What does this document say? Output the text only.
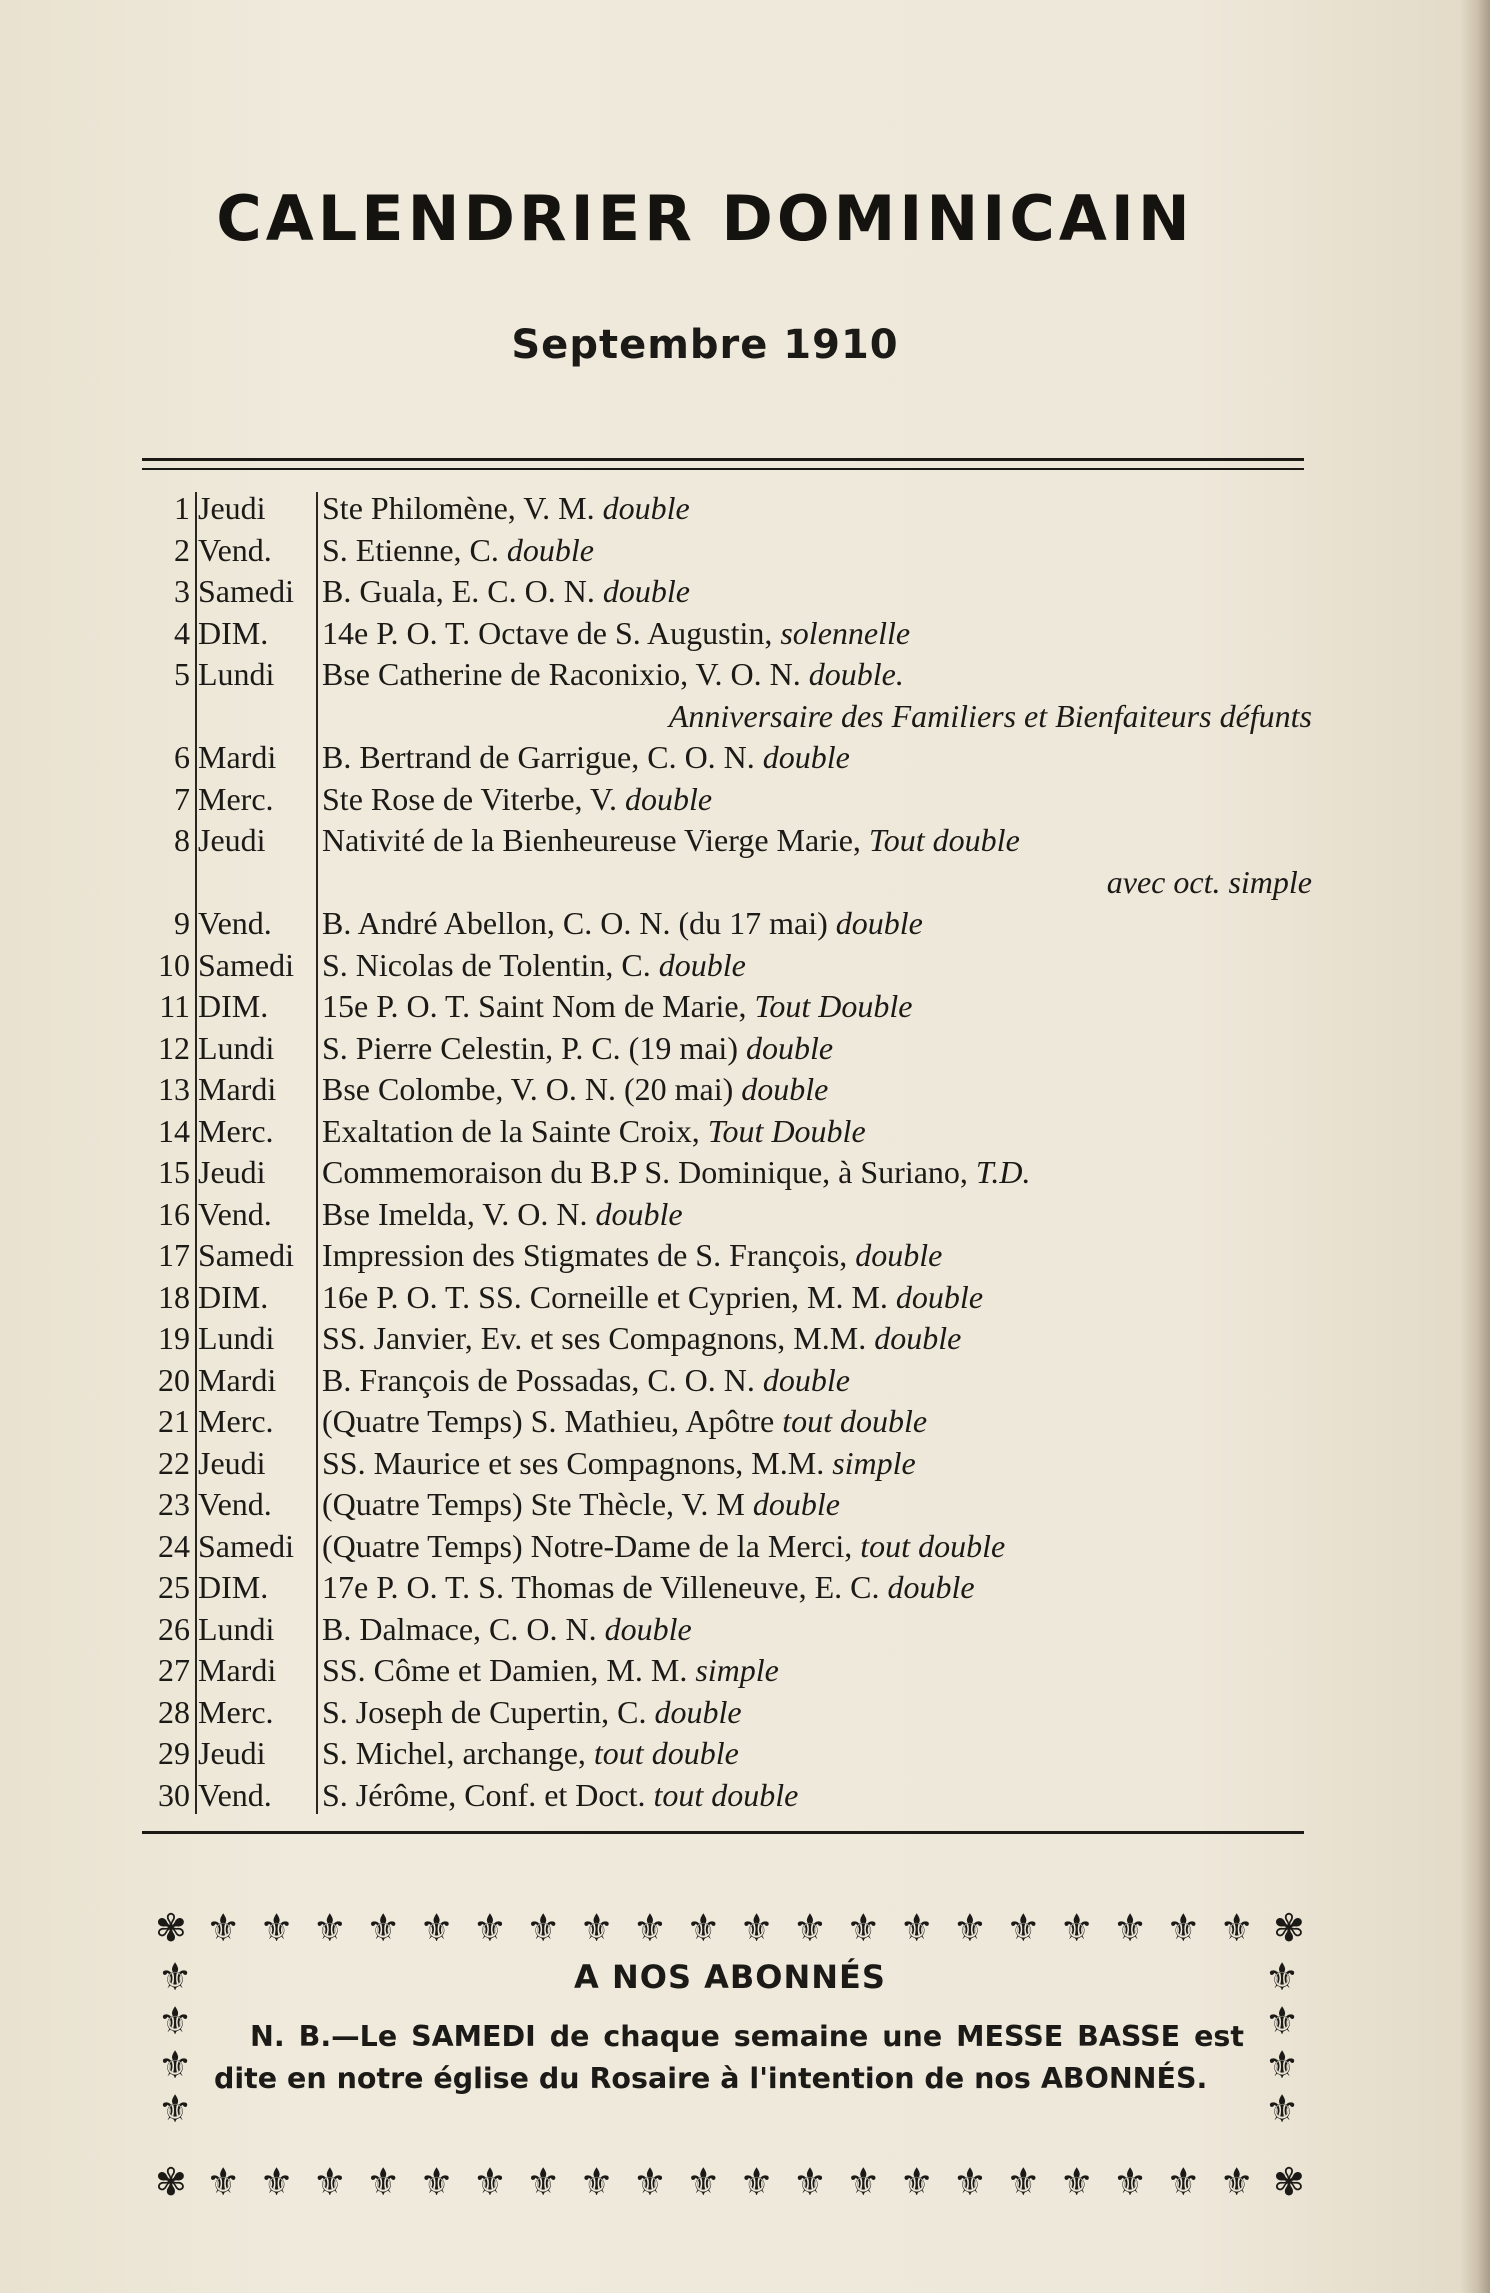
CALENDRIER DOMINICAIN
Septembre 1910
1 Jeudi	Ste Philomène, V. M. double
2 Vend.	S. Etienne, C. double
3 Samedi B. Guala, E. C. O. N. double
4 DIM.	14e P. O. T. Octave de S. Augustin, solennelle
5 Lundi	Bse Catherine de Raconixio, V. O. N. double.
Anniversaire des Familiers et Bienfaiteurs défunts
6 Mardi	B. Bertrand de Garrigue, C. O. N. double
7 Merc.	Ste Rose de Viterbe, V. double
8 Jeudi	Nativité de la Bienheureuse Vierge Marie, Tout double
avec oct. simple
9 Vend.	B. André Abellon, C. O. N. (du 17 mai) double
10 Samedi S. Nicolas de Tolentin, C. double
11 DIM.	15e P. O. T. Saint Nom de Marie, Tout Double
12 Lundi	S. Pierre Celestin, P. C. (19 mai) double
13 Mardi	Bse Colombe, V. O. N. (20 mai) double
14 Merc.	Exaltation de la Sainte Croix, Tout Double
15 Jeudi	Commemoraison du B.P S. Dominique, à Suriano, T.D.
16 Vend.	Bse Imelda, V. O. N. double
17 Samedi Impression des Stigmates de S. François, double
18 DIM.	16e P. O. T. SS. Corneille et Cyprien, M. M. double
19 Lundi	SS. Janvier, Ev. et ses Compagnons, M.M. double
20 Mardi	B. François de Possadas, C. O. N. double
21 Merc.	(Quatre Temps) S. Mathieu, Apôtre tout double
22 Jeudi	SS. Maurice et ses Compagnons, M.M. simple
23 Vend.	(Quatre Temps) Ste Thècle, V. M double
24 Samedi (Quatre Temps) Notre-Dame de la Merci, tout double
25 DIM.	17e P. O. T. S. Thomas de Villeneuve, E. C. double
26 Lundi	B. Dalmace, C. O. N. double
27 Mardi	SS. Côme et Damien, M. M. simple
28 Merc.	S. Joseph de Cupertin, C. double
29 Jeudi	S. Michel, archange, tout double
30 Vend.	S. Jérôme, Conf. et Doct. tout double
✾ ⚜ ⚜ ⚜ ⚜ ⚜ ⚜ ⚜ ⚜ ⚜ ⚜ ⚜ ⚜ ⚜ ⚜ ⚜ ⚜ ⚜ ⚜ ⚜ ⚜ ✾
⚜
⚜
⚜
⚜
⚜
⚜
⚜
⚜
✾ ⚜ ⚜ ⚜ ⚜ ⚜ ⚜ ⚜ ⚜ ⚜ ⚜ ⚜ ⚜ ⚜ ⚜ ⚜ ⚜ ⚜ ⚜ ⚜ ⚜ ✾
A NOS ABONNÉS
N. B.—Le SAMEDI de chaque semaine une MESSE BASSE est dite en notre église du Rosaire à l'intention de nos ABONNÉS.
